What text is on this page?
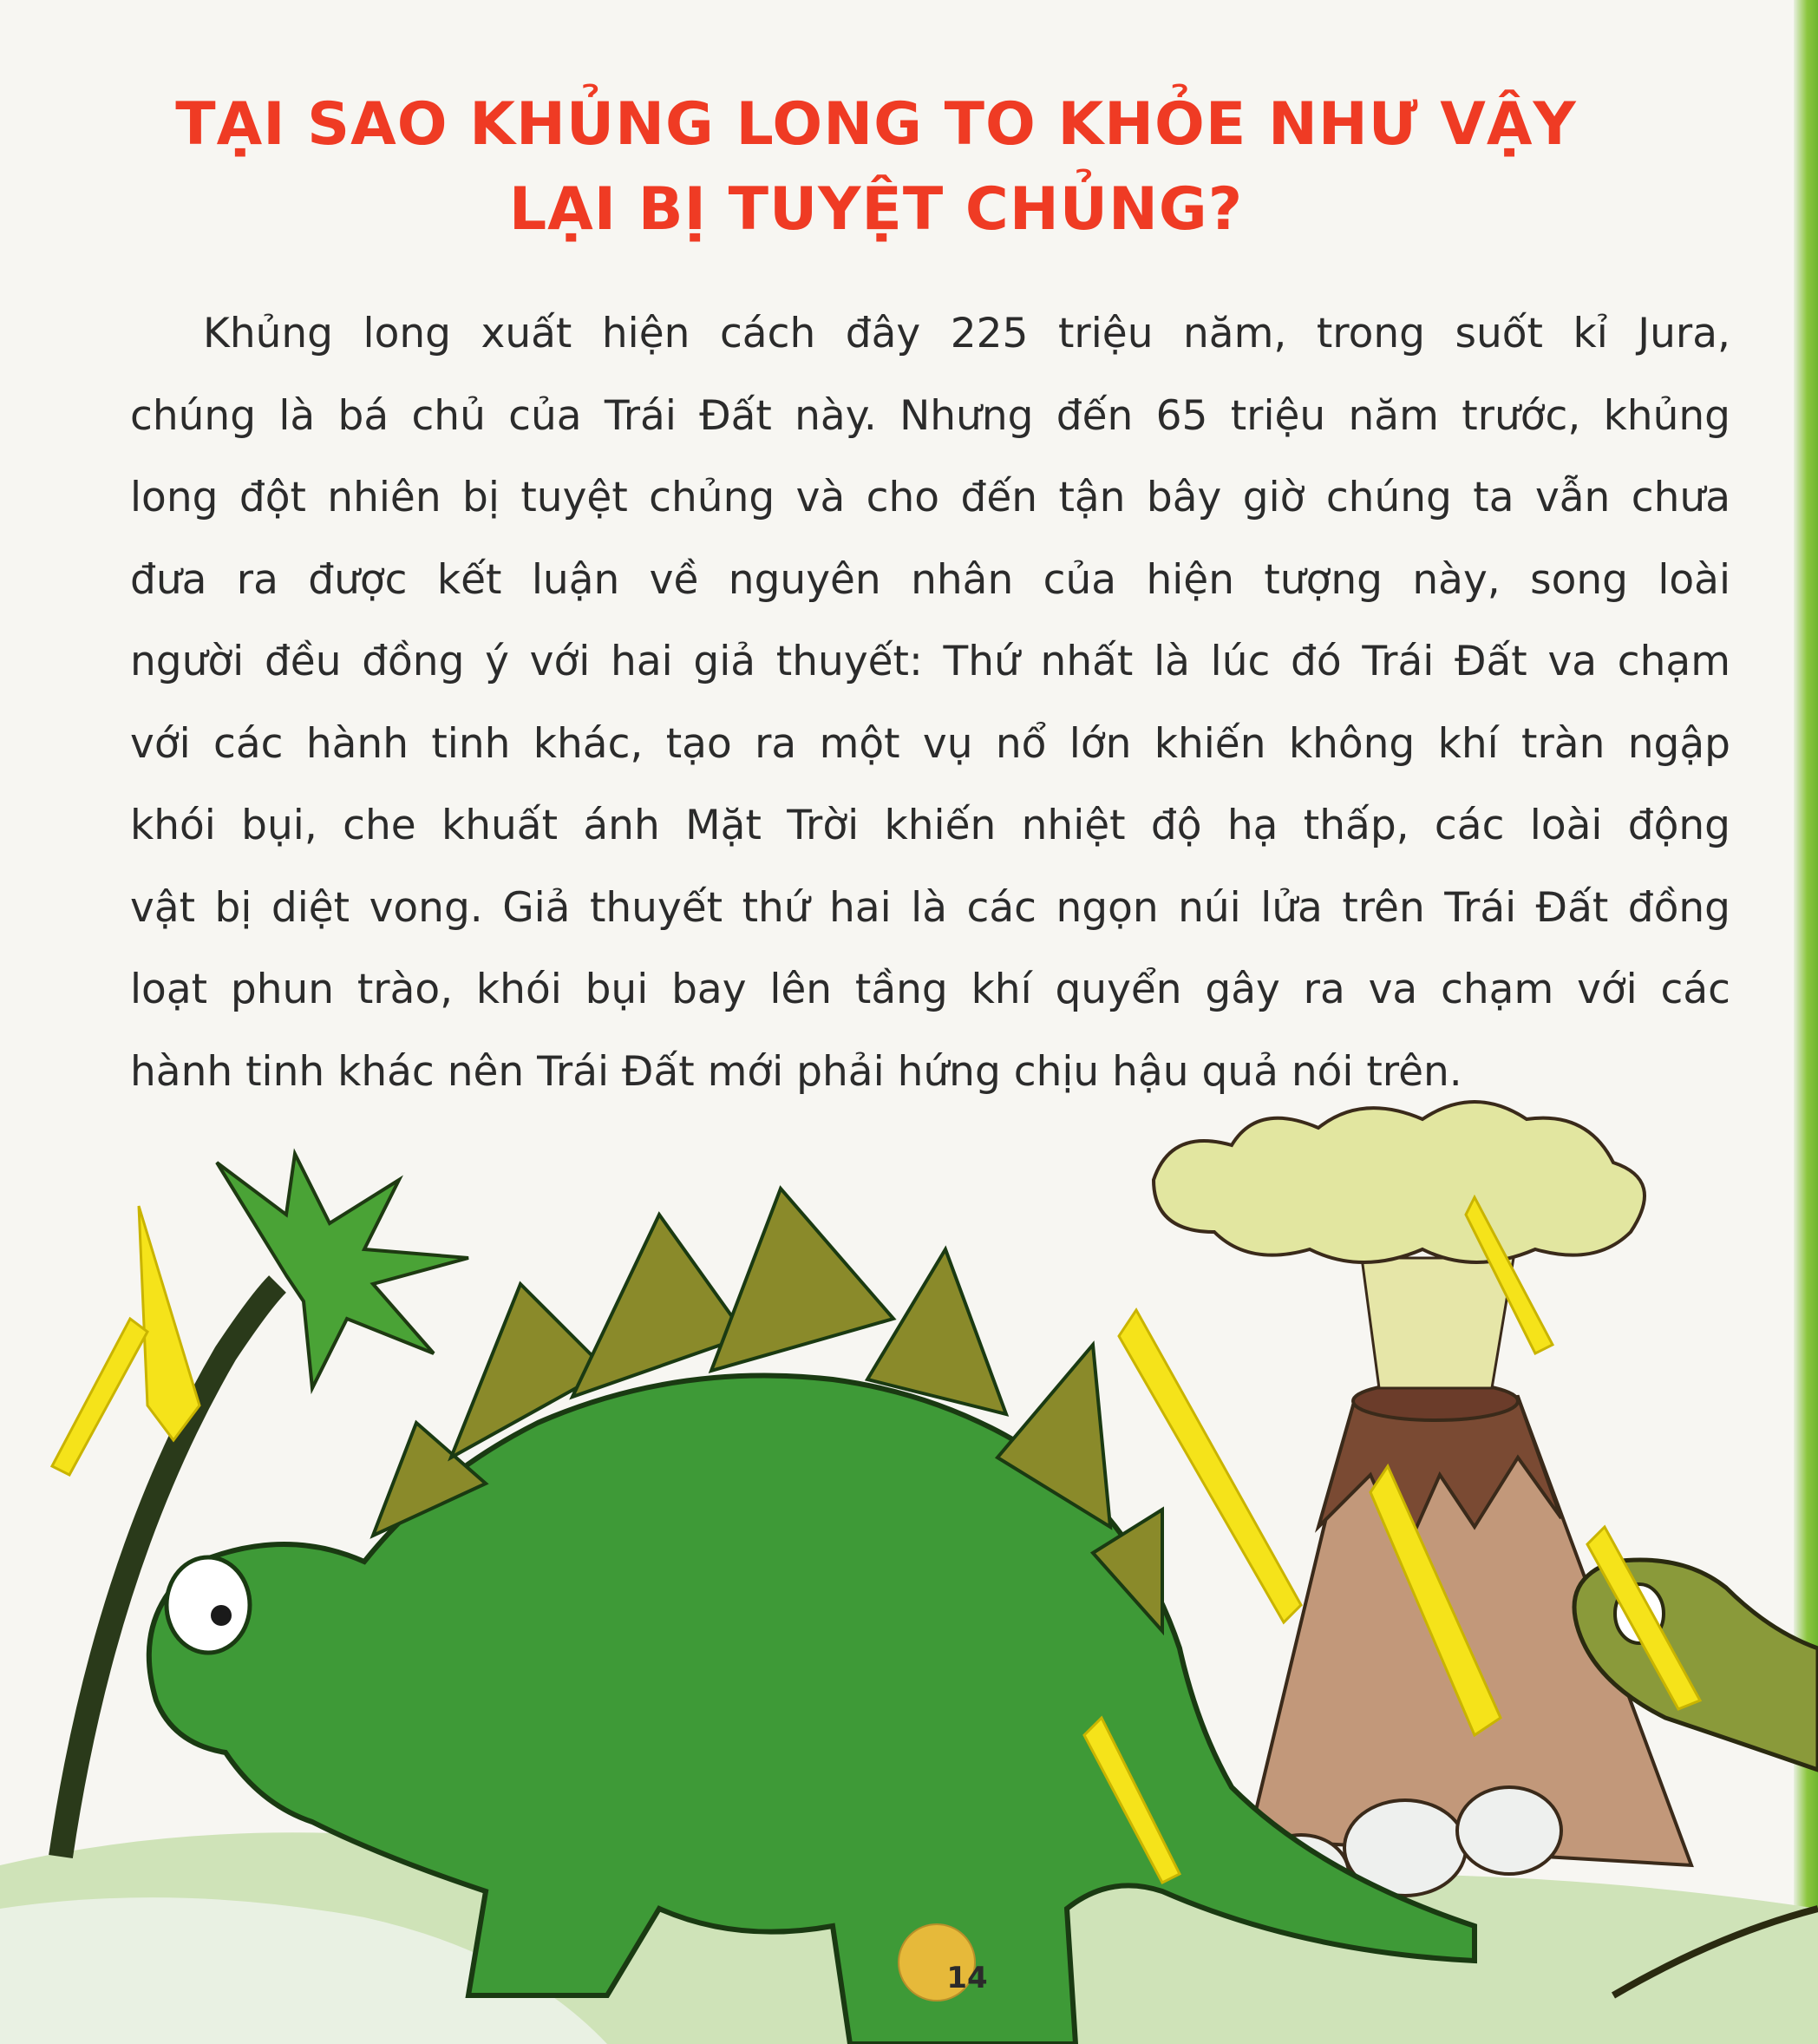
TẠI SAO KHỦNG LONG TO KHỎE NHƯ VẬY
LẠI BỊ TUYỆT CHỦNG?
Khủng long xuất hiện cách đây 225 triệu năm, trong suốt kỉ Jura,
chúng là bá chủ của Trái Đất này. Nhưng đến 65 triệu năm trước, khủng
long đột nhiên bị tuyệt chủng và cho đến tận bây giờ chúng ta vẫn chưa
đưa ra được kết luận về nguyên nhân của hiện tượng này, song loài
người đều đồng ý với hai giả thuyết: Thứ nhất là lúc đó Trái Đất va chạm
với các hành tinh khác, tạo ra một vụ nổ lớn khiến không khí tràn ngập
khói bụi, che khuất ánh Mặt Trời khiến nhiệt độ hạ thấp, các loài động
vật bị diệt vong. Giả thuyết thứ hai là các ngọn núi lửa trên Trái Đất đồng
loạt phun trào, khói bụi bay lên tầng khí quyển gây ra va chạm với các
hành tinh khác nên Trái Đất mới phải hứng chịu hậu quả nói trên.
14
